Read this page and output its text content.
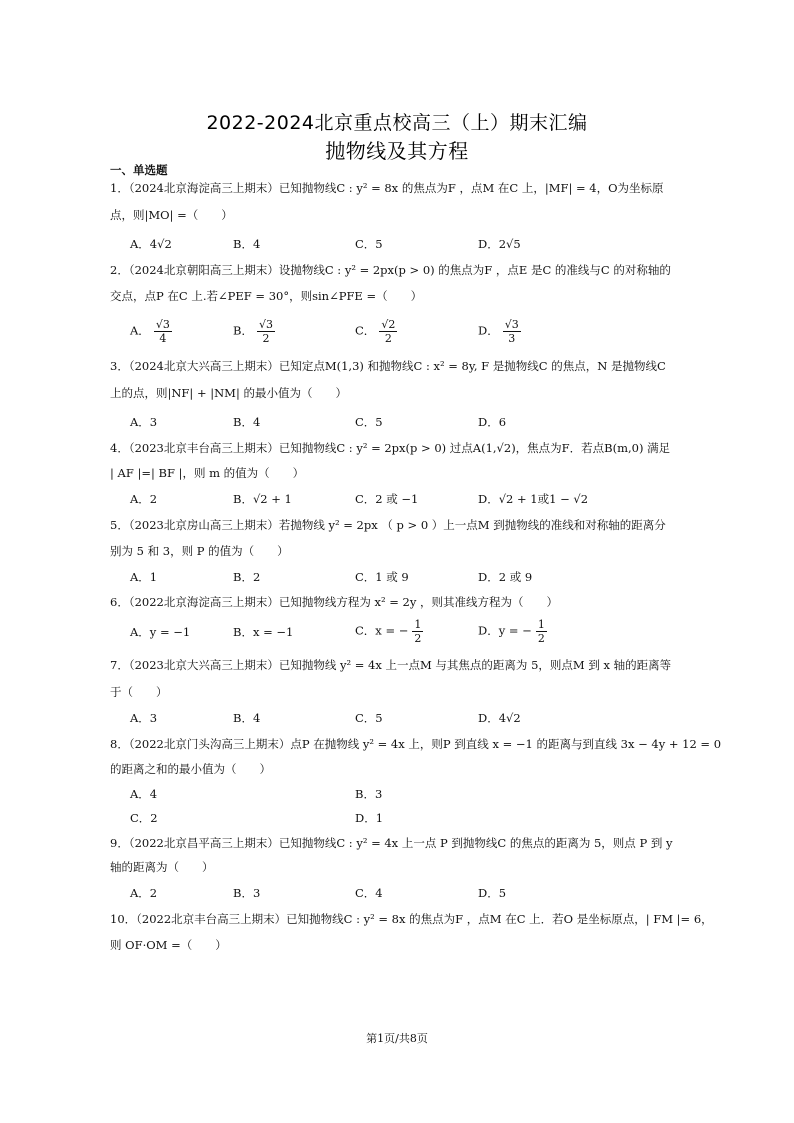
2022-2024北京重点校高三（上）期末汇编
抛物线及其方程
一、单选题
1．（2024北京海淀高三上期末）已知抛物线C : y² = 8x 的焦点为F ，点M 在C 上，|MF| = 4，O为坐标原
点，则|MO| =（　　）
A．4√2	B．4	C．5	D．2√5
2．（2024北京朝阳高三上期末）设抛物线C : y² = 2px(p > 0) 的焦点为F ，点E 是C 的准线与C 的对称轴的
交点，点P 在C 上.若∠PEF = 30°，则sin∠PFE =（　　）
A． $\frac{√3}{4}$	B． $\frac{√3}{2}$	C． $\frac{√2}{2}$	D． $\frac{√3}{3}$
3．（2024北京大兴高三上期末）已知定点M(1,3) 和抛物线C : x² = 8y, F 是抛物线C 的焦点，N 是抛物线C
上的点，则|NF| + |NM| 的最小值为（　　）
A．3	B．4	C．5	D．6
4．（2023北京丰台高三上期末）已知抛物线C : y² = 2px(p > 0) 过点A(1,√2)，焦点为F．若点B(m,0) 满足
| AF |=| BF |，则 m 的值为（　　）
A．2	B．√2 + 1	C．2 或 −1	D．√2 + 1或1 − √2
5．（2023北京房山高三上期末）若抛物线 y² = 2px （ p > 0 ）上一点M 到抛物线的准线和对称轴的距离分
别为 5 和 3，则 P 的值为（　　）
A．1	B．2	C．1 或 9	D．2 或 9
6．（2022北京海淀高三上期末）已知抛物线方程为 x² = 2y ，则其准线方程为（　　）
A．y = −1	B．x = −1	C．x = − $\frac{1}{2}$	D．y = − $\frac{1}{2}$
7．（2023北京大兴高三上期末）已知抛物线 y² = 4x 上一点M 与其焦点的距离为 5，则点M 到 x 轴的距离等
于（　　）
A．3	B．4	C．5	D．4√2
8．（2022北京门头沟高三上期末）点P 在抛物线 y² = 4x 上，则P 到直线 x = −1 的距离与到直线 3x − 4y + 12 = 0
的距离之和的最小值为（　　）
A．4	B．3
C．2	D．1
9．（2022北京昌平高三上期末）已知抛物线C : y² = 4x 上一点 P 到抛物线C 的焦点的距离为 5，则点 P 到 y
轴的距离为（　　）
A．2	B．3	C．4	D．5
10．（2022北京丰台高三上期末）已知抛物线C : y² = 8x 的焦点为F ，点M 在C 上．若O 是坐标原点，| FM |= 6，
则 OF·OM =（　　）
第1页/共8页
